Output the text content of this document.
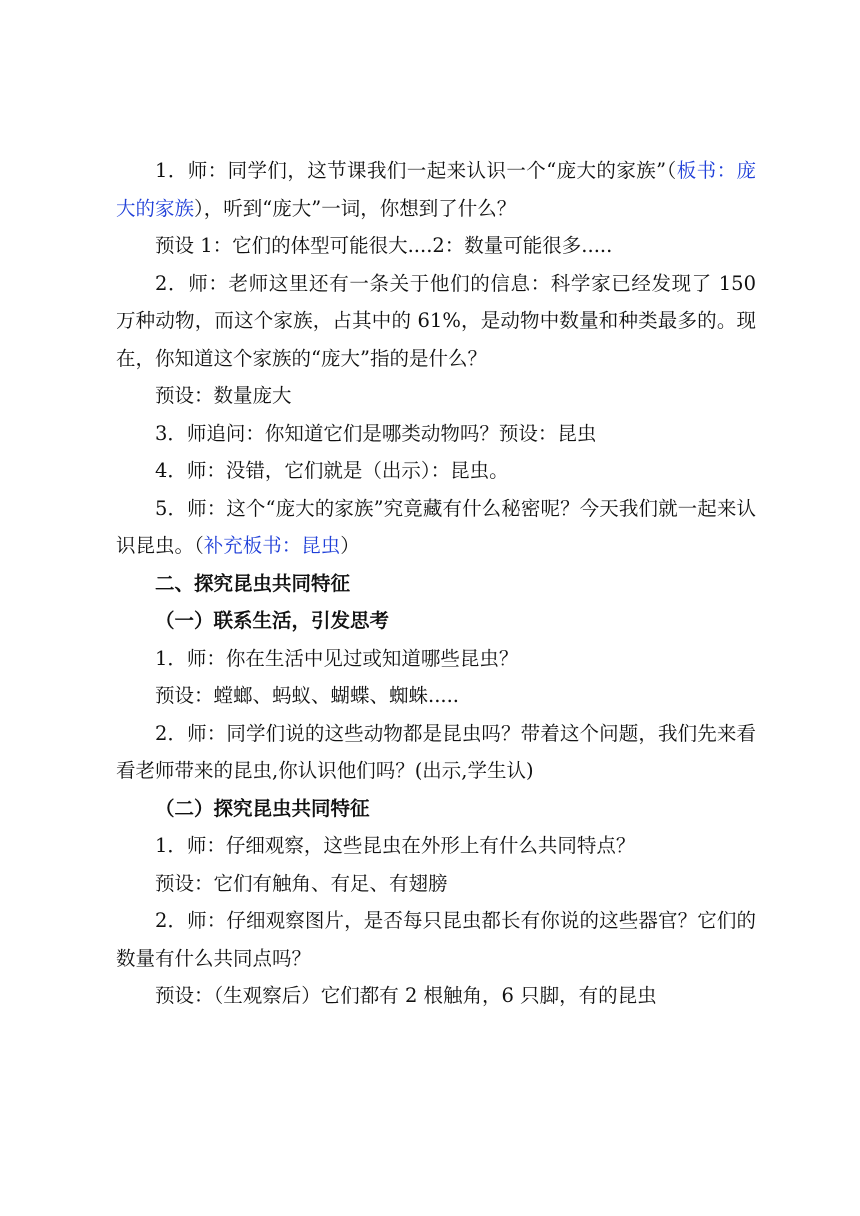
1．师：同学们，这节课我们一起来认识一个“庞大的家族”（板书：庞大的家族），听到“庞大”一词，你想到了什么？

预设 1：它们的体型可能很大....2：数量可能很多.....

2．师：老师这里还有一条关于他们的信息：科学家已经发现了 150 万种动物，而这个家族，占其中的 61%，是动物中数量和种类最多的。现在，你知道这个家族的“庞大”指的是什么？

预设：数量庞大

3．师追问：你知道它们是哪类动物吗？预设：昆虫

4．师：没错，它们就是（出示）：昆虫。

5．师：这个“庞大的家族”究竟藏有什么秘密呢？今天我们就一起来认识昆虫。（补充板书：昆虫）

二、探究昆虫共同特征

（一）联系生活，引发思考

1．师：你在生活中见过或知道哪些昆虫？

预设：螳螂、蚂蚁、蝴蝶、蜘蛛.....

2．师：同学们说的这些动物都是昆虫吗？带着这个问题，我们先来看看老师带来的昆虫,你认识他们吗？(出示,学生认)

（二）探究昆虫共同特征

1．师：仔细观察，这些昆虫在外形上有什么共同特点？

预设：它们有触角、有足、有翅膀

2．师：仔细观察图片，是否每只昆虫都长有你说的这些器官？它们的数量有什么共同点吗？

预设：（生观察后）它们都有 2 根触角，6 只脚，有的昆虫
